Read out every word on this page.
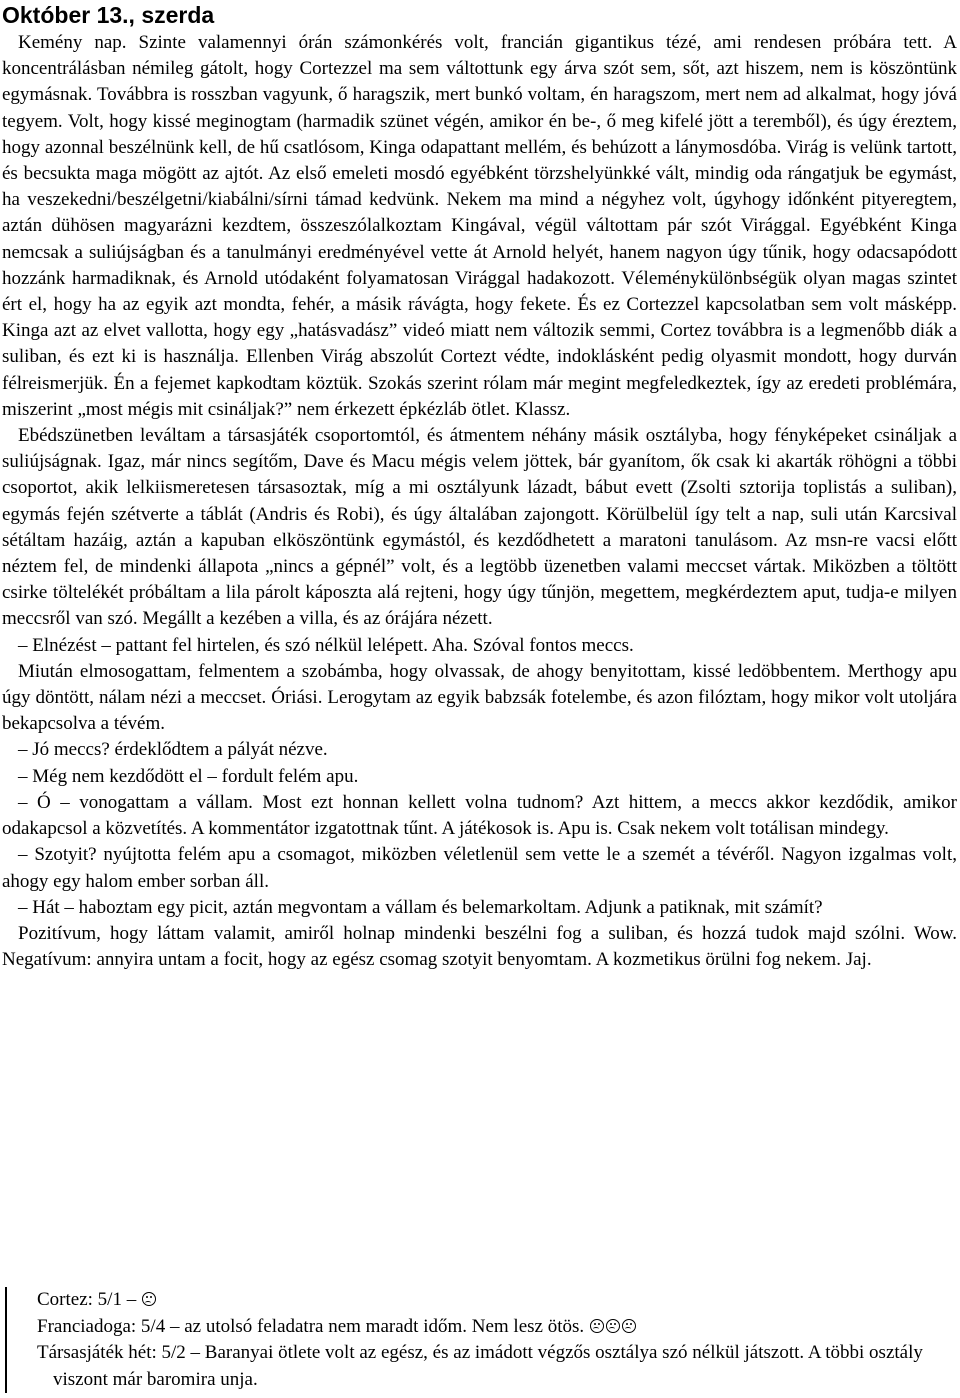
Október 13., szerda

Kemény nap. Szinte valamennyi órán számonkérés volt, francián gigantikus tézé, ami rendesen próbára tett. A koncentrálásban némileg gátolt, hogy Cortezzel ma sem váltottunk egy árva szót sem, sőt, azt hiszem, nem is köszöntünk egymásnak. Továbbra is rosszban vagyunk, ő haragszik, mert bunkó voltam, én haragszom, mert nem ad alkalmat, hogy jóvá tegyem. Volt, hogy kissé meginogtam (harmadik szünet végén, amikor én be-, ő meg kifelé jött a teremből), és úgy éreztem, hogy azonnal beszélnünk kell, de hű csatlósom, Kinga odapattant mellém, és behúzott a lánymosdóba. Virág is velünk tartott, és becsukta maga mögött az ajtót. Az első emeleti mosdó egyébként törzshelyünkké vált, mindig oda rángatjuk be egymást, ha veszekedni/beszélgetni/kiabálni/sírni támad kedvünk. Nekem ma mind a négyhez volt, úgyhogy időnként pityeregtem, aztán dühösen magyarázni kezdtem, összeszólalkoztam Kingával, végül váltottam pár szót Virággal. Egyébként Kinga nemcsak a suliújságban és a tanulmányi eredményével vette át Arnold helyét, hanem nagyon úgy tűnik, hogy odacsapódott hozzánk harmadiknak, és Arnold utódaként folyamatosan Virággal hadakozott. Véleménykülönbségük olyan magas szintet ért el, hogy ha az egyik azt mondta, fehér, a másik rávágta, hogy fekete. És ez Cortezzel kapcsolatban sem volt másképp. Kinga azt az elvet vallotta, hogy egy „hatásvadász” videó miatt nem változik semmi, Cortez továbbra is a legmenőbb diák a suliban, és ezt ki is használja. Ellenben Virág abszolút Cortezt védte, indoklásként pedig olyasmit mondott, hogy durván félreismerjük. Én a fejemet kapkodtam köztük. Szokás szerint rólam már megint megfeledkeztek, így az eredeti problémára, miszerint „most mégis mit csináljak?” nem érkezett épkézláb ötlet. Klassz.

Ebédszünetben leváltam a társasjáték csoportomtól, és átmentem néhány másik osztályba, hogy fényképeket csináljak a suliújságnak. Igaz, már nincs segítőm, Dave és Macu mégis velem jöttek, bár gyanítom, ők csak ki akarták röhögni a többi csoportot, akik lelkiismeretesen társasoztak, míg a mi osztályunk lázadt, bábut evett (Zsolti sztorija toplistás a suliban), egymás fején szétverte a táblát (Andris és Robi), és úgy általában zajongott. Körülbelül így telt a nap, suli után Karcsival sétáltam hazáig, aztán a kapuban elköszöntünk egymástól, és kezdődhetett a maratoni tanulásom. Az msn-re vacsi előtt néztem fel, de mindenki állapota „nincs a gépnél” volt, és a legtöbb üzenetben valami meccset vártak. Miközben a töltött csirke töltelékét próbáltam a lila párolt káposzta alá rejteni, hogy úgy tűnjön, megettem, megkérdeztem aput, tudja-e milyen meccsről van szó. Megállt a kezében a villa, és az órájára nézett.

– Elnézést – pattant fel hirtelen, és szó nélkül lelépett. Aha. Szóval fontos meccs.

Miután elmosogattam, felmentem a szobámba, hogy olvassak, de ahogy benyitottam, kissé ledöbbentem. Merthogy apu úgy döntött, nálam nézi a meccset. Óriási. Lerogytam az egyik babzsák fotelembe, és azon filóztam, hogy mikor volt utoljára bekapcsolva a tévém.

– Jó meccs? érdeklődtem a pályát nézve.

– Még nem kezdődött el – fordult felém apu.

– Ó – vonogattam a vállam. Most ezt honnan kellett volna tudnom? Azt hittem, a meccs akkor kezdődik, amikor odakapcsol a közvetítés. A kommentátor izgatottnak tűnt. A játékosok is. Apu is. Csak nekem volt totálisan mindegy.

– Szotyit? nyújtotta felém apu a csomagot, miközben véletlenül sem vette le a szemét a tévéről. Nagyon izgalmas volt, ahogy egy halom ember sorban áll.

– Hát – haboztam egy picit, aztán megvontam a vállam és belemarkoltam. Adjunk a patiknak, mit számít?

Pozitívum, hogy láttam valamit, amiről holnap mindenki beszélni fog a suliban, és hozzá tudok majd szólni. Wow. Negatívum: annyira untam a focit, hogy az egész csomag szotyit benyomtam. A kozmetikus örülni fog nekem. Jaj.

Cortez: 5/1 –

Franciadoga: 5/4 – az utolsó feladatra nem maradt időm. Nem lesz ötös.

Társasjáték hét: 5/2 – Baranyai ötlete volt az egész, és az imádott végzős osztálya szó nélkül játszott. A többi osztály viszont már baromira unja.
